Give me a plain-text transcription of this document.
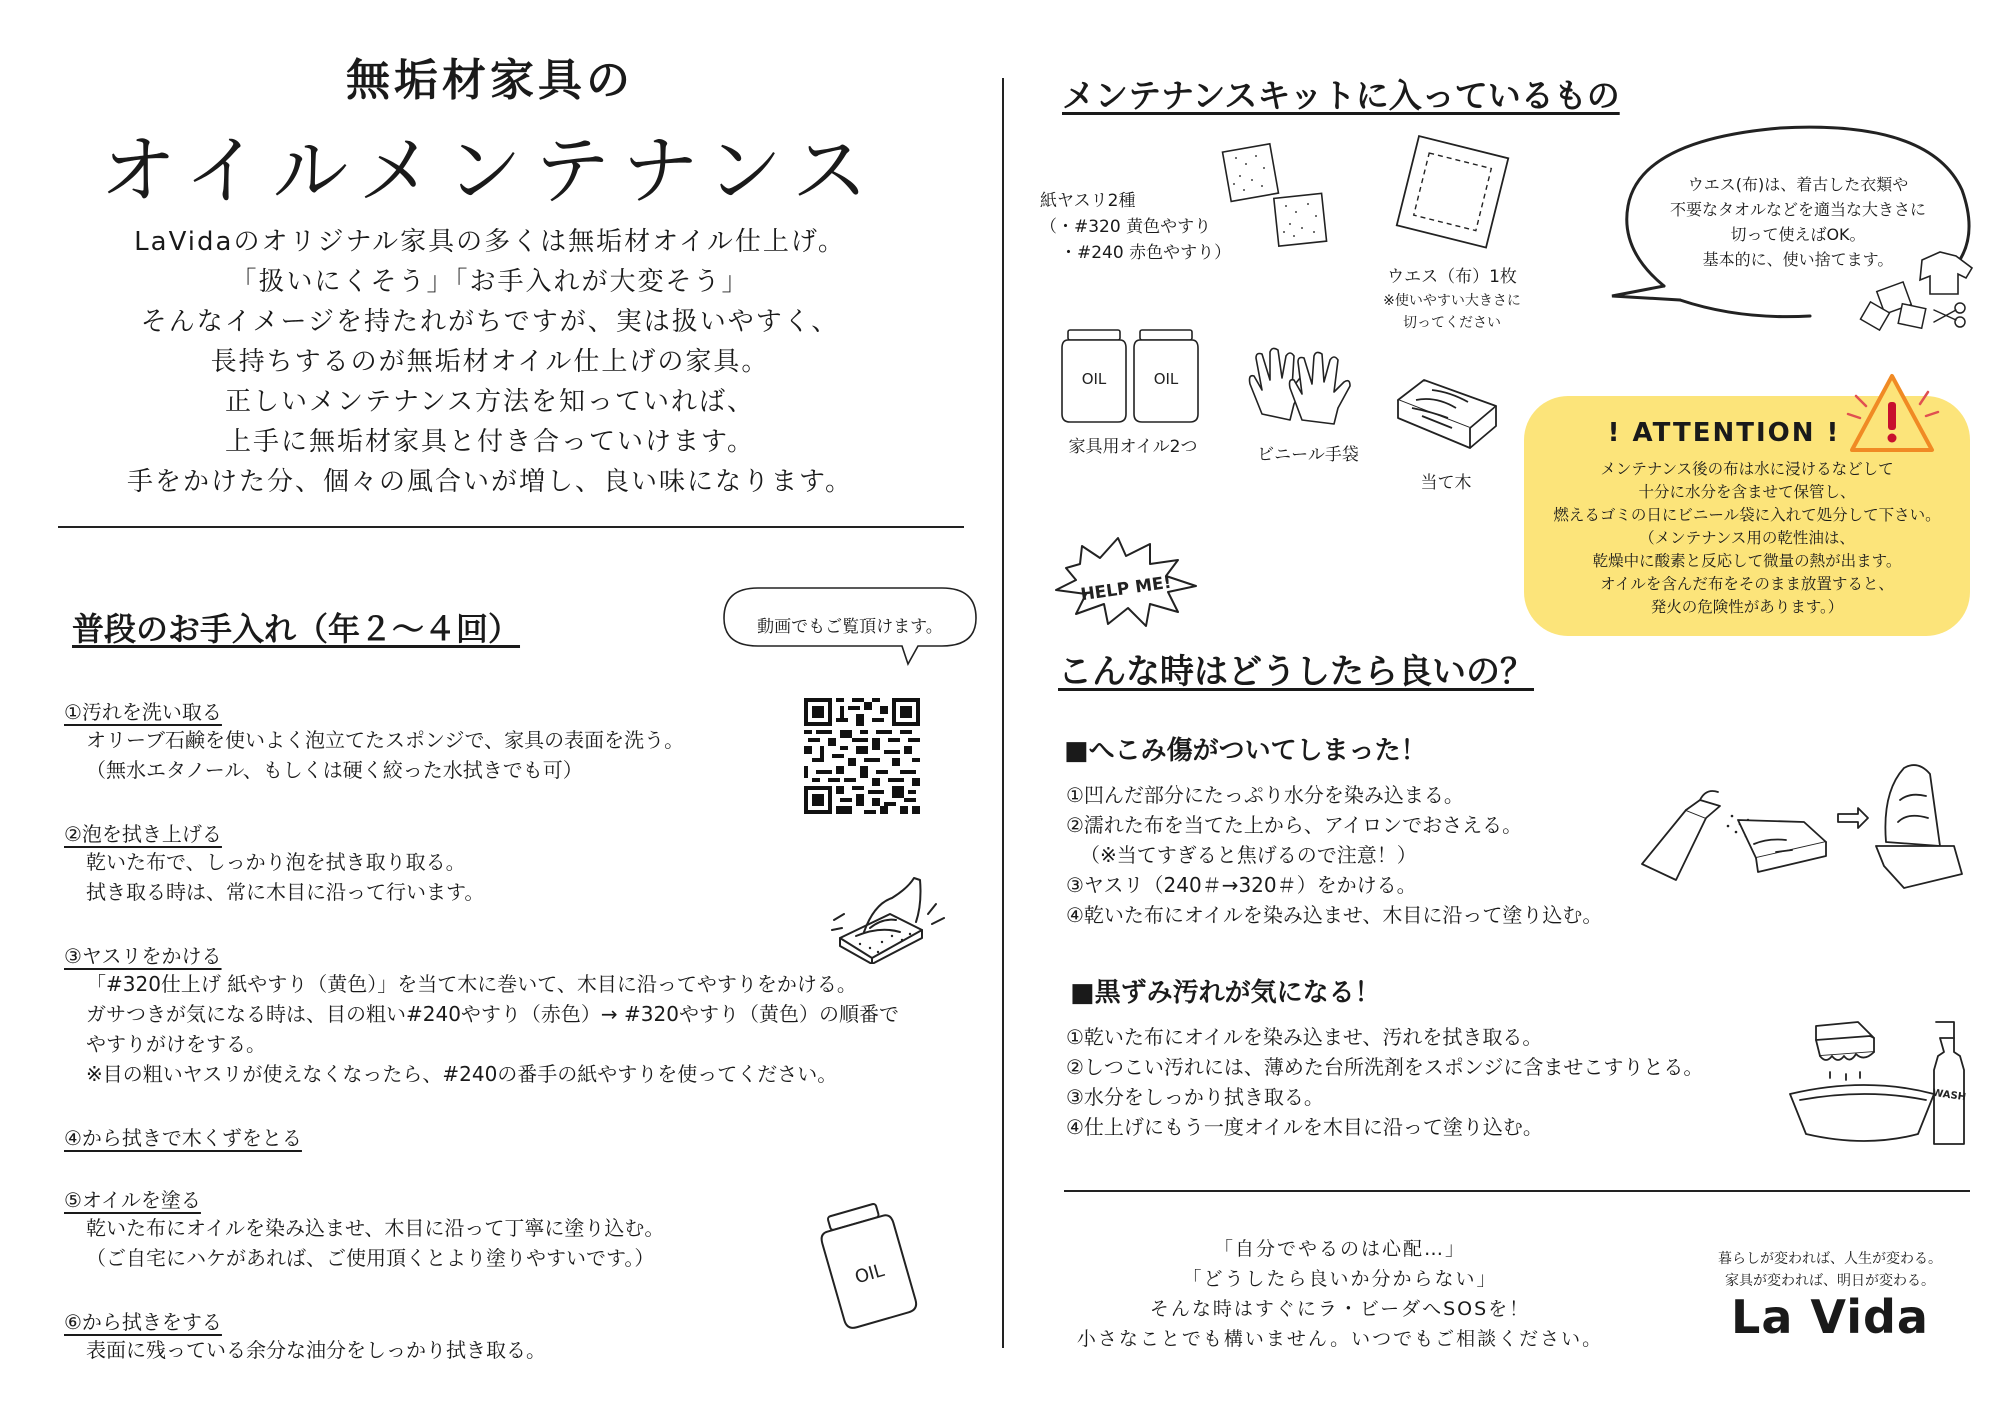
無垢材家具の
オイルメンテナンス
LaVidaのオリジナル家具の多くは無垢材オイル仕上げ。
「扱いにくそう」「お手入れが大変そう」
そんなイメージを持たれがちですが、実は扱いやすく、
長持ちするのが無垢材オイル仕上げの家具。
正しいメンテナンス方法を知っていれば、
上手に無垢材家具と付き合っていけます。
手をかけた分、個々の風合いが増し、良い味になります。
普段のお手入れ（年２～４回）	動画でもご覧頂けます。
①汚れを洗い取る
オリーブ石鹸を使いよく泡立てたスポンジで、家具の表面を洗う。
（無水エタノール、もしくは硬く絞った水拭きでも可）
②泡を拭き上げる
乾いた布で、しっかり泡を拭き取り取る。
拭き取る時は、常に木目に沿って行います。
③ヤスリをかける
「#320仕上げ 紙やすり（黄色）」を当て木に巻いて、木目に沿ってやすりをかける。
ガサつきが気になる時は、目の粗い#240やすり（赤色）→ #320やすり（黄色）の順番で
やすりがけをする。
※目の粗いヤスリが使えなくなったら、#240の番手の紙やすりを使ってください。
④から拭きで木くずをとる
⑤オイルを塗る
乾いた布にオイルを染み込ませ、木目に沿って丁寧に塗り込む。
（ご自宅にハケがあれば、ご使用頂くとより塗りやすいです。）
OIL
⑥から拭きをする
表面に残っている余分な油分をしっかり拭き取る。
メンテナンスキットに入っているもの
紙ヤスリ2種
（・#320 黄色やすり
・#240 赤色やすり）
ウエス（布）1枚
※使いやすい大きさに
切ってください
ウエス(布)は、着古した衣類や
不要なタオルなどを適当な大きさに
切って使えばOK。
基本的に、使い捨てます。
OIL	OIL
家具用オイル2つ	ビニール手袋
当て木
! ATTENTION !
メンテナンス後の布は水に浸けるなどして
十分に水分を含ませて保管し、
燃えるゴミの日にビニール袋に入れて処分して下さい。
（メンテナンス用の乾性油は、
乾燥中に酸素と反応して微量の熱が出ます。
オイルを含んだ布をそのまま放置すると、
発火の危険性があります。）
HELP ME!
こんな時はどうしたら良いの？
■へこみ傷がついてしまった！
①凹んだ部分にたっぷり水分を染み込まる。
②濡れた布を当てた上から、アイロンでおさえる。
（※当てすぎると焦げるので注意！）
③ヤスリ（240＃→320＃）をかける。
④乾いた布にオイルを染み込ませ、木目に沿って塗り込む。
■黒ずみ汚れが気になる！
①乾いた布にオイルを染み込ませ、汚れを拭き取る。
②しつこい汚れには、薄めた台所洗剤をスポンジに含ませこすりとる。
③水分をしっかり拭き取る。
④仕上げにもう一度オイルを木目に沿って塗り込む。
WASH
「自分でやるのは心配…」
「どうしたら良いか分からない」
そんな時はすぐにラ・ビーダへSOSを！
小さなことでも構いません。いつでもご相談ください。
暮らしが変われば、人生が変わる。
家具が変われば、明日が変わる。
La Vida
